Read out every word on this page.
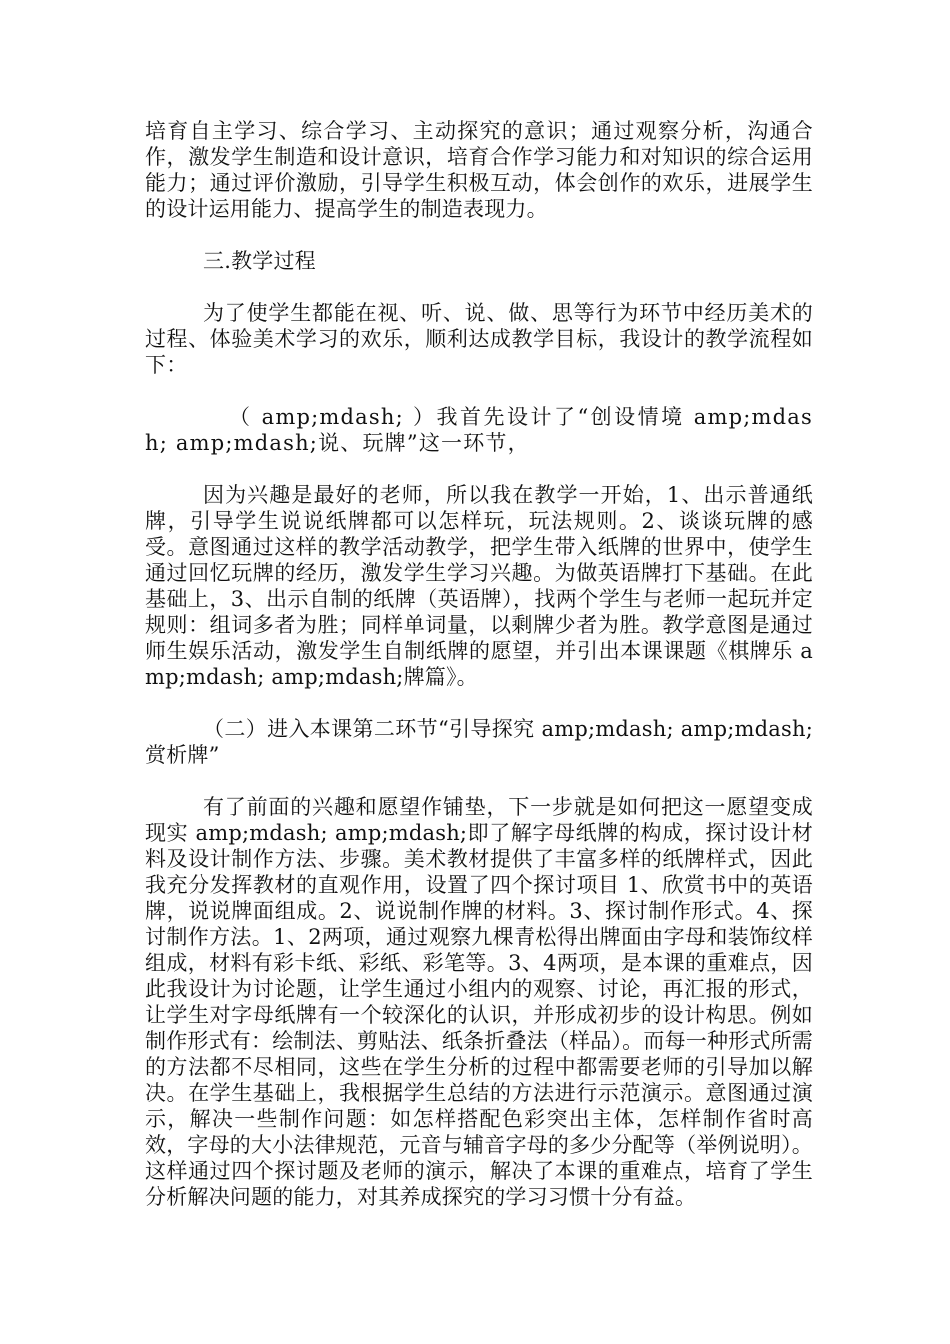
培育自主学习、综合学习、主动探究的意识；通过观察分析，沟通合作，激发学生制造和设计意识，培育合作学习能力和对知识的综合运用能力；通过评价激励，引导学生积极互动，体会创作的欢乐，进展学生的设计运用能力、提高学生的制造表现力。

三.教学过程

为了使学生都能在视、听、说、做、思等行为环节中经历美术的过程、体验美术学习的欢乐，顺利达成教学目标，我设计的教学流程如下：

（ amp;mdash; ）我首先设计了“创设情境 amp;mdash; amp;mdash;说、玩牌”这一环节，

因为兴趣是最好的老师，所以我在教学一开始，1、出示普通纸牌，引导学生说说纸牌都可以怎样玩，玩法规则。2、谈谈玩牌的感受。意图通过这样的教学活动教学，把学生带入纸牌的世界中，使学生通过回忆玩牌的经历，激发学生学习兴趣。为做英语牌打下基础。在此基础上，3、出示自制的纸牌（英语牌），找两个学生与老师一起玩并定规则：组词多者为胜；同样单词量，以剩牌少者为胜。教学意图是通过师生娱乐活动，激发学生自制纸牌的愿望，并引出本课课题《棋牌乐 amp;mdash; amp;mdash;牌篇》。

（二）进入本课第二环节“引导探究 amp;mdash; amp;mdash;赏析牌”

有了前面的兴趣和愿望作铺垫，下一步就是如何把这一愿望变成现实 amp;mdash; amp;mdash;即了解字母纸牌的构成，探讨设计材料及设计制作方法、步骤。美术教材提供了丰富多样的纸牌样式，因此我充分发挥教材的直观作用，设置了四个探讨项目 1、欣赏书中的英语牌，说说牌面组成。2、说说制作牌的材料。3、探讨制作形式。4、探讨制作方法。1、2两项，通过观察九棵青松得出牌面由字母和装饰纹样组成，材料有彩卡纸、彩纸、彩笔等。3、4两项，是本课的重难点，因此我设计为讨论题，让学生通过小组内的观察、讨论，再汇报的形式，让学生对字母纸牌有一个较深化的认识，并形成初步的设计构思。例如制作形式有：绘制法、剪贴法、纸条折叠法（样品）。而每一种形式所需的方法都不尽相同，这些在学生分析的过程中都需要老师的引导加以解决。在学生基础上，我根据学生总结的方法进行示范演示。意图通过演示，解决一些制作问题：如怎样搭配色彩突出主体，怎样制作省时高效，字母的大小法律规范，元音与辅音字母的多少分配等（举例说明）。这样通过四个探讨题及老师的演示，解决了本课的重难点，培育了学生分析解决问题的能力，对其养成探究的学习习惯十分有益。
